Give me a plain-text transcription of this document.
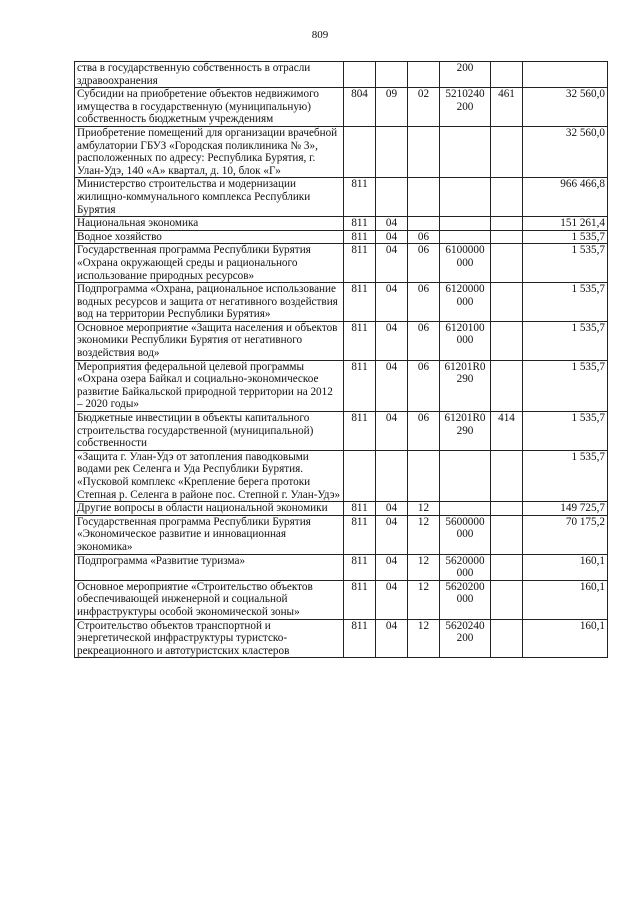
809
ства в государственную собственность в отрасли здравоохранения				200		
Субсидии на приобретение объектов недвижимого имущества в государственную (муниципальную) собственность бюджетным учреждениям	804	09	02	5210240 200	461	32 560,0
Приобретение помещений для организации врачебной амбулатории ГБУЗ «Городская поликлиника № 3», расположенных по адресу: Республика Бурятия, г. Улан-Удэ, 140 «А» квартал, д. 10, блок «Г»						32 560,0
Министерство строительства и модернизации жилищно-коммунального комплекса Республики Бурятия	811					966 466,8
Национальная экономика	811	04				151 261,4
Водное хозяйство	811	04	06			1 535,7
Государственная программа Республики Бурятия «Охрана окружающей среды и рационального использование природных ресурсов»	811	04	06	6100000 000		1 535,7
Подпрограмма «Охрана, рациональное использование водных ресурсов и защита от негативного воздействия вод на территории Республики Бурятия»	811	04	06	6120000 000		1 535,7
Основное мероприятие «Защита населения и объектов экономики Республики Бурятия от негативного воздействия вод»	811	04	06	6120100 000		1 535,7
Мероприятия федеральной целевой программы «Охрана озера Байкал и социально-экономическое развитие Байкальской природной территории на 2012 – 2020 годы»	811	04	06	61201R0 290		1 535,7
Бюджетные инвестиции в объекты капитального строительства государственной (муниципальной) собственности	811	04	06	61201R0 290	414	1 535,7
«Защита г. Улан-Удэ от затопления паводковыми водами рек Селенга и Уда Республики Бурятия. «Пусковой комплекс «Крепление берега протоки Степная р. Селенга в районе пос. Степной г. Улан-Удэ»						1 535,7
Другие вопросы в области национальной экономики	811	04	12			149 725,7
Государственная программа Республики Бурятия «Экономическое развитие и инновационная экономика»	811	04	12	5600000 000		70 175,2
Подпрограмма «Развитие туризма»	811	04	12	5620000 000		160,1
Основное мероприятие «Строительство объектов обеспечивающей инженерной и социальной инфраструктуры особой экономической зоны»	811	04	12	5620200 000		160,1
Строительство объектов транспортной и энергетической инфраструктуры туристско-рекреационного и автотуристских кластеров	811	04	12	5620240 200		160,1
